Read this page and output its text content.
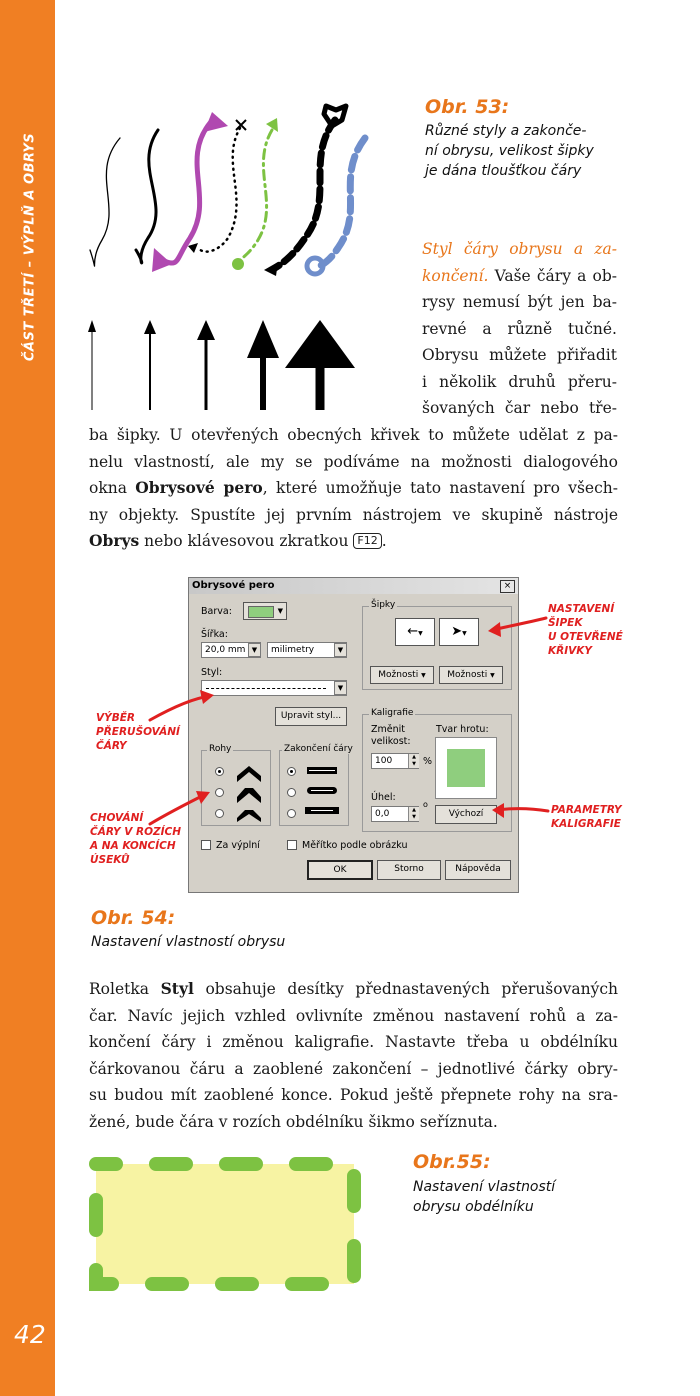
ČÁST TŘETÍ – VÝPLŇ A OBRYS
42
Obr. 53:
Různé styly a zakonče-
ní obrysu, velikost šipky
je dána tloušťkou čáry
Styl čáry obrysu a za-
končení. Vaše čáry a ob-
rysy nemusí být jen ba-
revné a různě tučné.
Obrysu můžete přiřadit
i několik druhů přeru-
šovaných čar nebo tře-
ba šipky. U otevřených obecných křivek to můžete udělat z pa-
nelu vlastností, ale my se podíváme na možnosti dialogového
okna Obrysové pero, které umožňuje tato nastavení pro všech-
ny objekty. Spustíte jej prvním nástrojem ve skupině nástroje
Obrys nebo klávesovou zkratkou F12 .
Obrysové pero	×
Barva:	▼
Šířka:
20,0 mm ▼	milimetry	▼
Styl:
▼
Upravit styl...
Šipky
←▼	➤▼
Možnosti ▼	Možnosti ▼
Rohy	Zakončení čáry
Kaligrafie
Změnit
velikost:
100	▲
▼ %
Tvar hrotu:
Úhel:
0,0	▲
▼
o
Výchozí
Za výplní	Měřítko podle obrázku
OK	Storno	Nápověda
NASTAVENÍ
ŠIPEK
U OTEVŘENÉ
KŘIVKY
VÝBĚR
PŘERUŠOVÁNÍ
ČÁRY
CHOVÁNÍ
ČÁRY V ROZÍCH
A NA KONCÍCH
ÚSEKŮ
PARAMETRY
KALIGRAFIE
Obr. 54:
Nastavení vlastností obrysu
Roletka Styl obsahuje desítky přednastavených přerušovaných
čar. Navíc jejich vzhled ovlivníte změnou nastavení rohů a za-
končení čáry i změnou kaligrafie. Nastavte třeba u obdélníku
čárkovanou čáru a zaoblené zakončení – jednotlivé čárky obry-
su budou mít zaoblené konce. Pokud ještě přepnete rohy na sra-
žené, bude čára v rozích obdélníku šikmo seříznuta.
Obr.55:
Nastavení vlastností
obrysu obdélníku
